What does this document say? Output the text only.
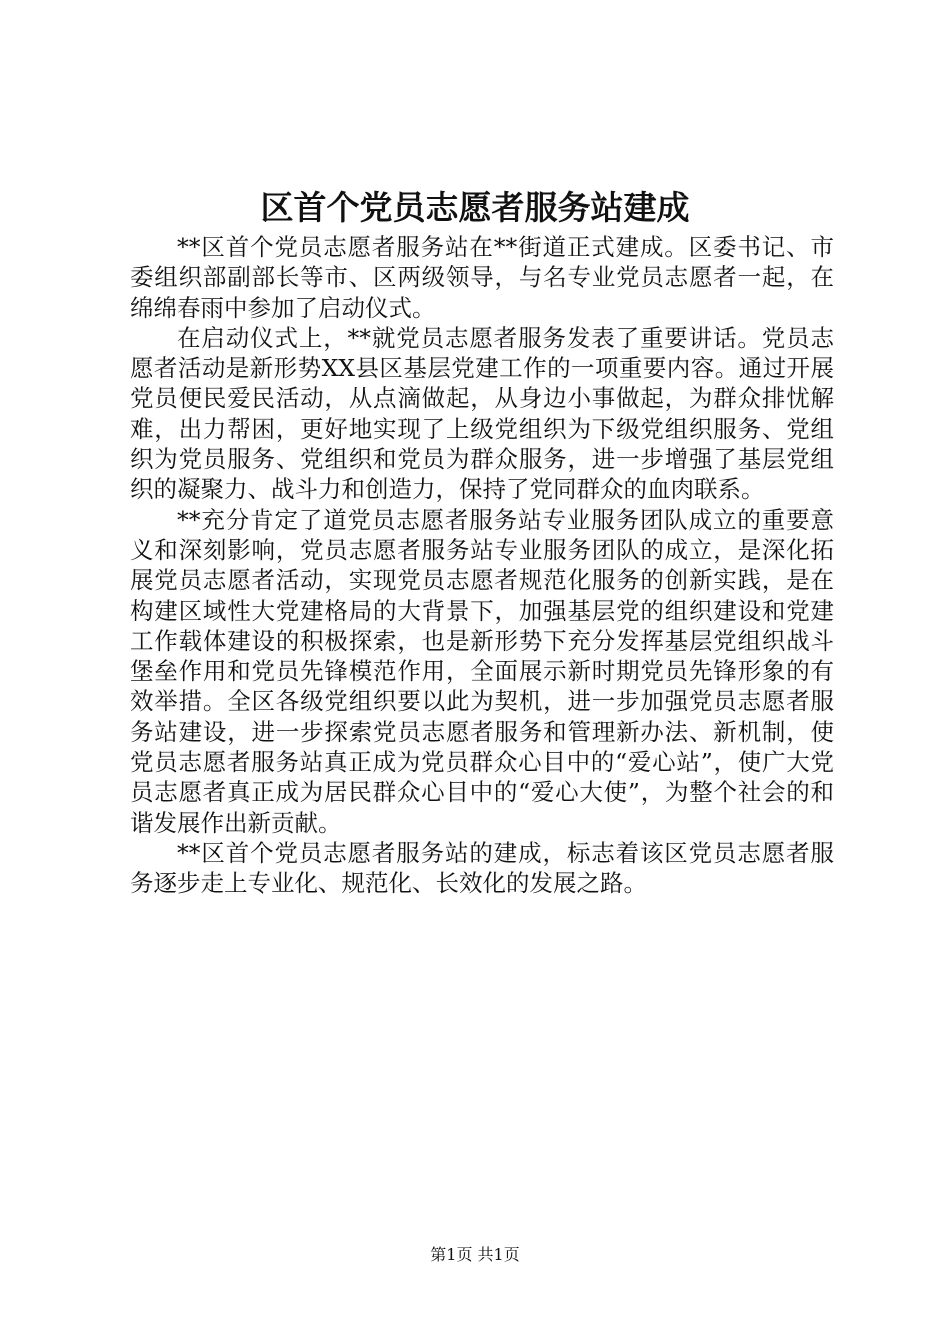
区首个党员志愿者服务站建成

**区首个党员志愿者服务站在**街道正式建成。区委书记、市委组织部副部长等市、区两级领导，与名专业党员志愿者一起，在绵绵春雨中参加了启动仪式。

在启动仪式上，**就党员志愿者服务发表了重要讲话。党员志愿者活动是新形势XX县区基层党建工作的一项重要内容。通过开展党员便民爱民活动，从点滴做起，从身边小事做起，为群众排忧解难，出力帮困，更好地实现了上级党组织为下级党组织服务、党组织为党员服务、党组织和党员为群众服务，进一步增强了基层党组织的凝聚力、战斗力和创造力，保持了党同群众的血肉联系。

**充分肯定了道党员志愿者服务站专业服务团队成立的重要意义和深刻影响，党员志愿者服务站专业服务团队的成立，是深化拓展党员志愿者活动，实现党员志愿者规范化服务的创新实践，是在构建区域性大党建格局的大背景下，加强基层党的组织建设和党建工作载体建设的积极探索，也是新形势下充分发挥基层党组织战斗堡垒作用和党员先锋模范作用，全面展示新时期党员先锋形象的有效举措。全区各级党组织要以此为契机，进一步加强党员志愿者服务站建设，进一步探索党员志愿者服务和管理新办法、新机制，使党员志愿者服务站真正成为党员群众心目中的“爱心站”，使广大党员志愿者真正成为居民群众心目中的“爱心大使”，为整个社会的和谐发展作出新贡献。

**区首个党员志愿者服务站的建成，标志着该区党员志愿者服务逐步走上专业化、规范化、长效化的发展之路。

第1页 共1页
